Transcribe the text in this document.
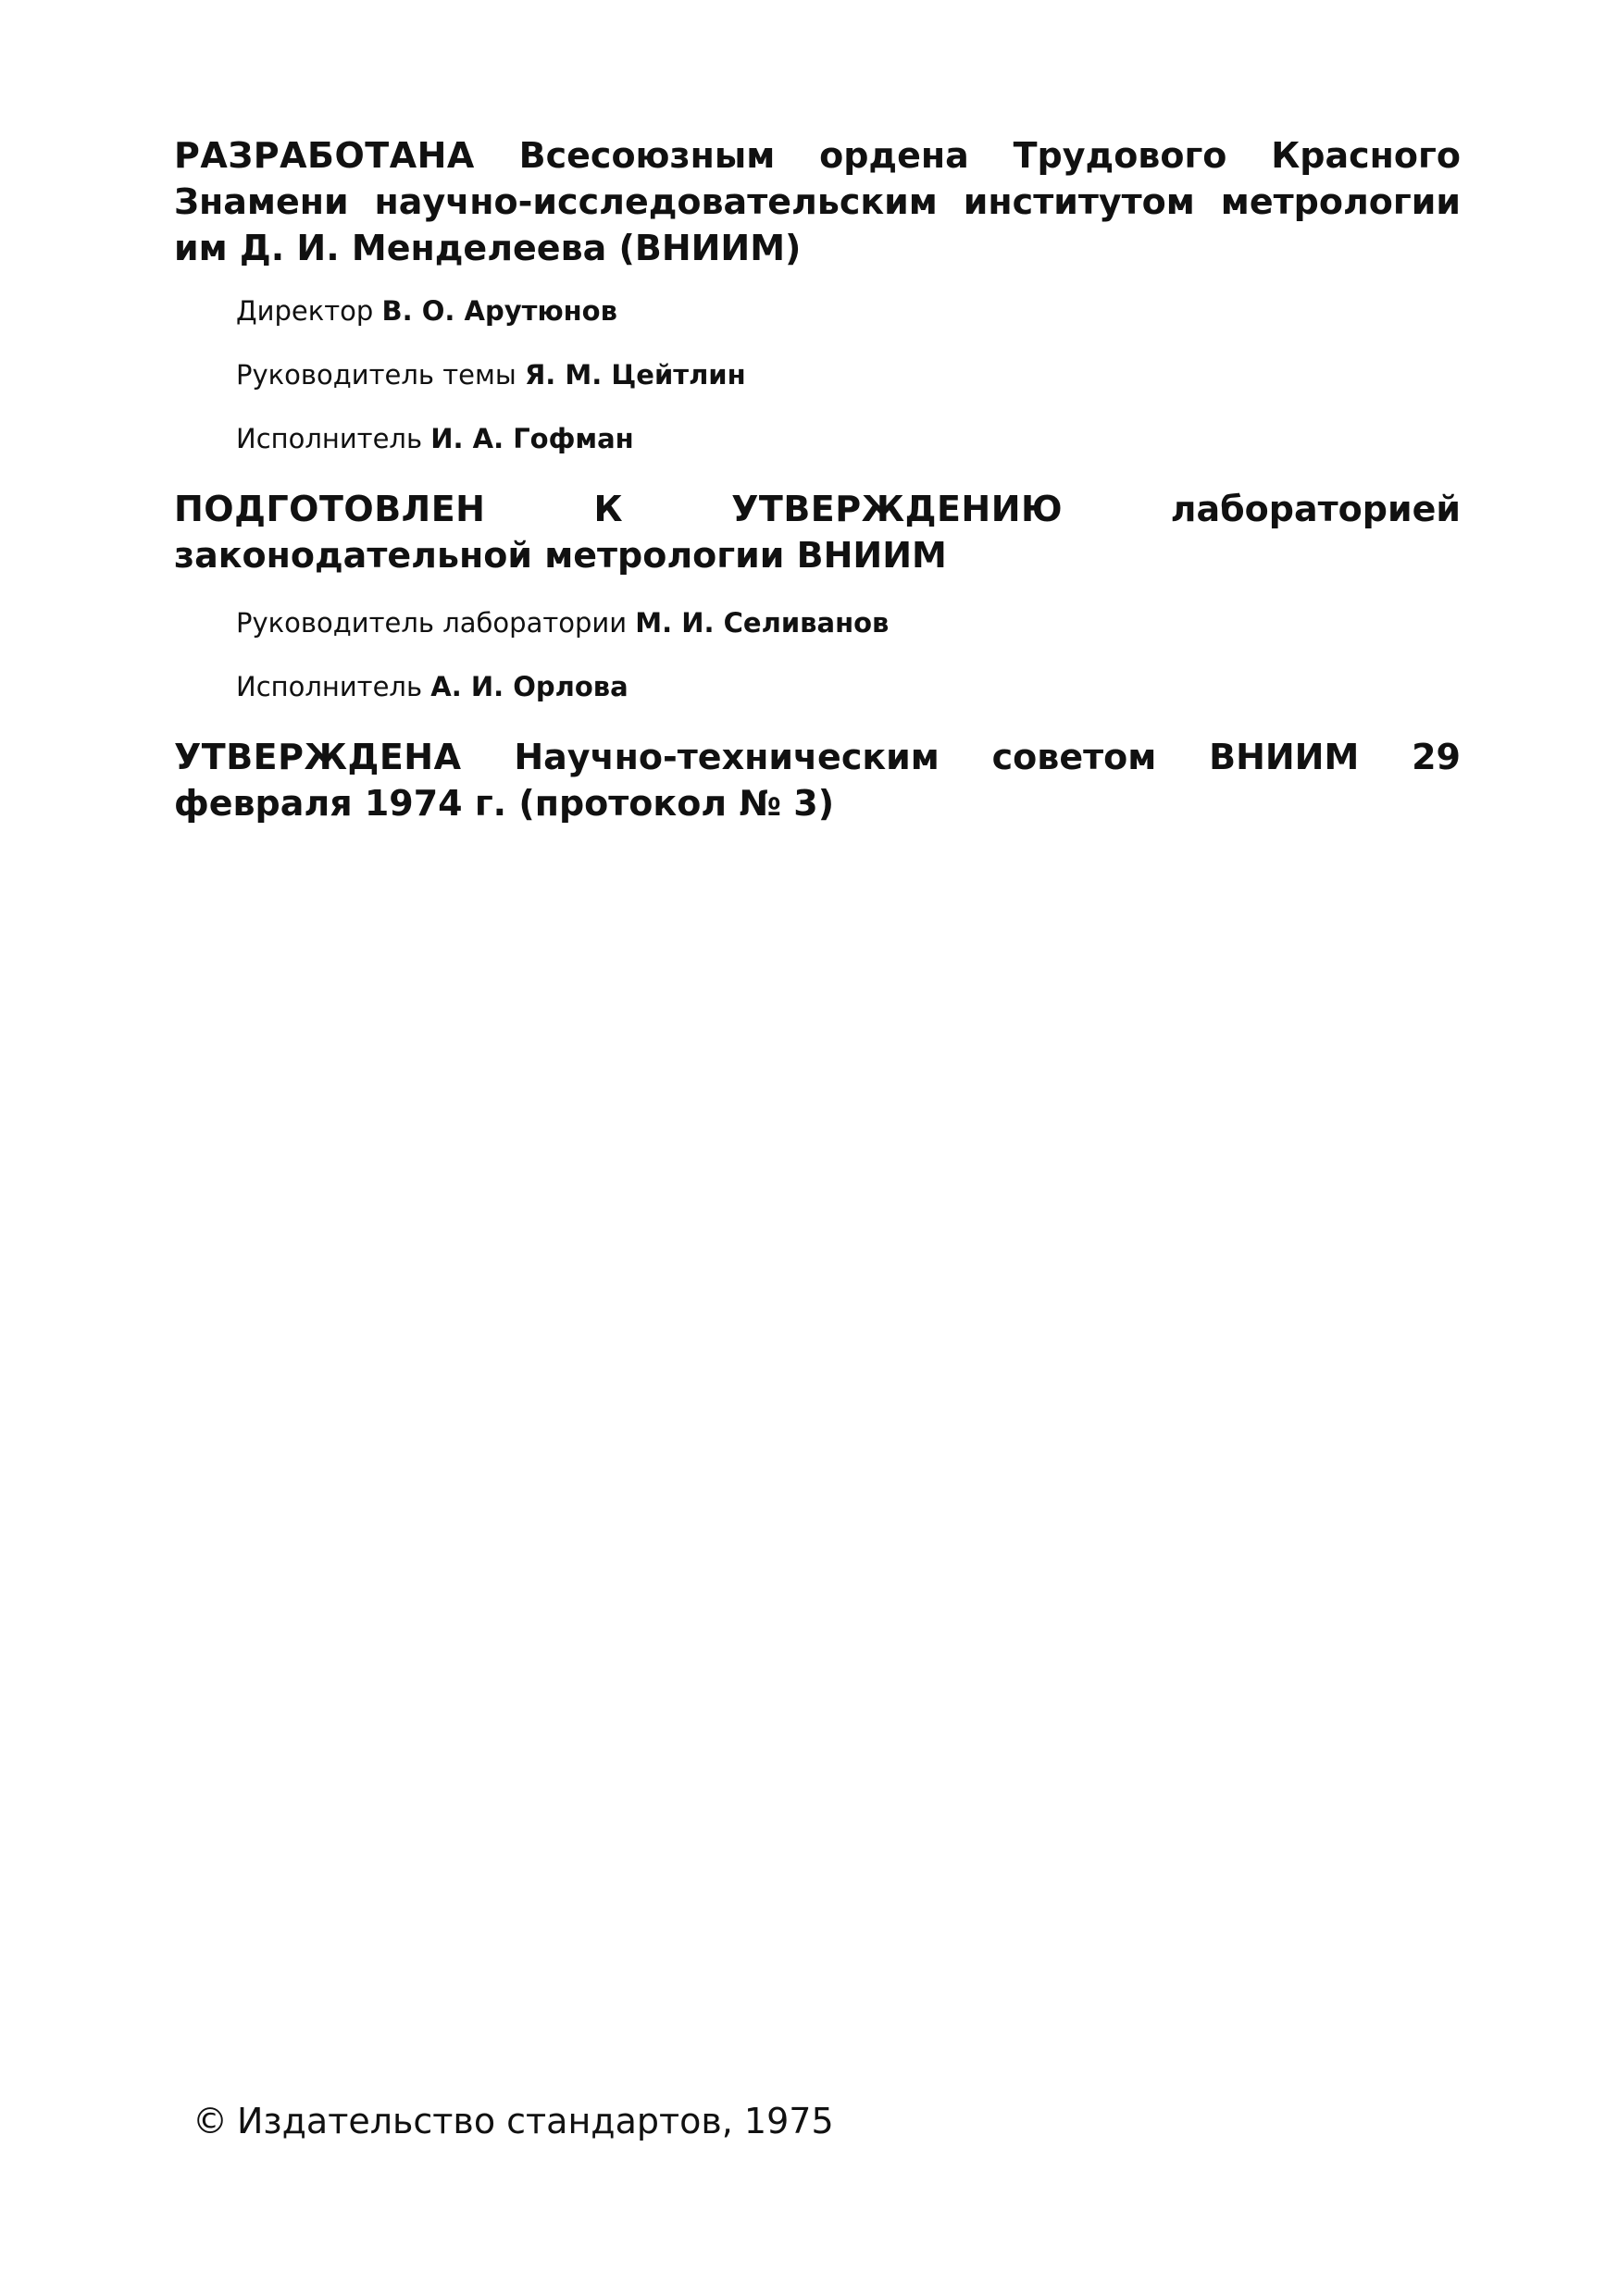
РАЗРАБОТАНА Всесоюзным ордена Трудового Красного Знамени научно-исследовательским институтом метрологии им Д. И. Менделеева (ВНИИМ)

Директор В. О. Арутюнов

Руководитель темы Я. М. Цейтлин

Исполнитель И. А. Гофман

ПОДГОТОВЛЕН К УТВЕРЖДЕНИЮ лабораторией законодательной метрологии ВНИИМ

Руководитель лаборатории М. И. Селиванов

Исполнитель А. И. Орлова

УТВЕРЖДЕНА Научно-техническим советом ВНИИМ 29 февраля 1974 г. (протокол № 3)

© Издательство стандартов, 1975
